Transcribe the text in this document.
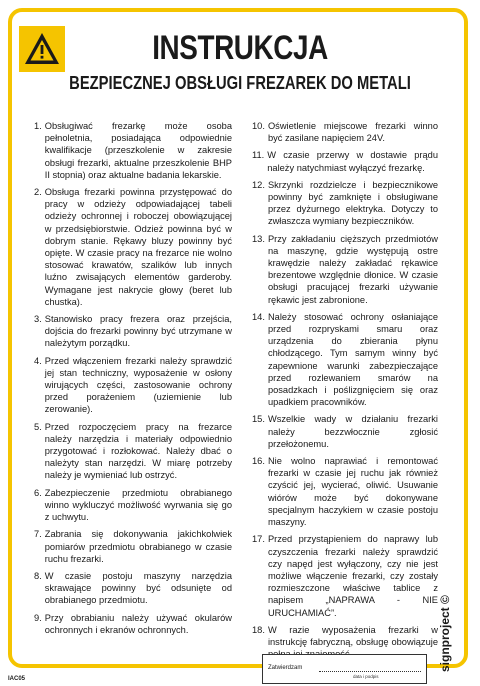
INSTRUKCJA
BEZPIECZNEJ OBSŁUGI FREZAREK DO METALI
1. Obsługiwać frezarkę może osoba pełnoletnia, posiadająca odpowiednie kwalifikacje (przeszkolenie w zakresie obsługi frezarki, aktualne przeszkolenie BHP II stopnia) oraz aktualne badania lekarskie.
2. Obsługa frezarki powinna przystępować do pracy w odzieży odpowiadającej tabeli odzieży ochronnej i roboczej obowiązującej w przedsiębiorstwie. Odzież powinna być w dobrym stanie. Rękawy bluzy powinny być opięte. W czasie pracy na frezarce nie wolno stosować krawatów, szalików lub innych luźno zwisających elementów garderoby. Wymagane jest nakrycie głowy (beret lub chustka).
3. Stanowisko pracy frezera oraz przejścia, dojścia do frezarki powinny być utrzymane w należytym porządku.
4. Przed włączeniem frezarki należy sprawdzić jej stan techniczny, wyposażenie w osłony wirujących części, zastosowanie ochrony przed porażeniem (uziemienie lub zerowanie).
5. Przed rozpoczęciem pracy na frezarce należy narzędzia i materiały odpowiednio przygotować i rozłokować. Należy dbać o należyty stan narzędzi. W miarę potrzeby należy je wymieniać lub ostrzyć.
6. Zabezpieczenie przedmiotu obrabianego winno wykluczyć możliwość wyrwania się go z uchwytu.
7. Zabrania się dokonywania jakichkolwiek pomiarów przedmiotu obrabianego w czasie ruchu frezarki.
8. W czasie postoju maszyny narzędzia skrawające powinny być odsunięte od obrabianego przedmiotu.
9. Przy obrabianiu należy używać okularów ochronnych i ekranów ochronnych.
10. Oświetlenie miejscowe frezarki winno być zasilane napięciem 24V.
11. W czasie przerwy w dostawie prądu należy natychmiast wyłączyć frezarkę.
12. Skrzynki rozdzielcze i bezpiecznikowe powinny być zamknięte i obsługiwane przez dyżurnego elektryka. Dotyczy to zwłaszcza wymiany bezpieczników.
13. Przy zakładaniu cięższych przedmiotów na maszynę, gdzie występują ostre krawędzie należy zakładać rękawice brezentowe względnie dłonice. W czasie obsługi pracującej frezarki używanie rękawic jest zabronione.
14. Należy stosować ochrony osłaniające przed rozpryskami smaru oraz urządzenia do zbierania płynu chłodzącego. Tym samym winny być zapewnione warunki zabezpieczające przed rozlewaniem smarów na posadzkach i poślizgnięciem się oraz upadkiem pracowników.
15. Wszelkie wady w działaniu frezarki należy bezzwłocznie zgłosić przełożonemu.
16. Nie wolno naprawiać i remontować frezarki w czasie jej ruchu jak również czyścić jej, wycierać, oliwić. Usuwanie wiórów może być dokonywane specjalnym haczykiem w czasie postoju maszyny.
17. Przed przystąpieniem do naprawy lub czyszczenia frezarki należy sprawdzić czy napęd jest wyłączony, czy nie jest możliwe włączenie frezarki, czy zostały rozmieszczone właściwe tablice z napisem „NAPRAWA - NIE URUCHAMIAĆ”.
18. W razie wyposażenia frezarki w instrukcję fabryczną, obsługę obowiązuje
Zatwierdzam
data i podpis
signproject ©
IAC05
